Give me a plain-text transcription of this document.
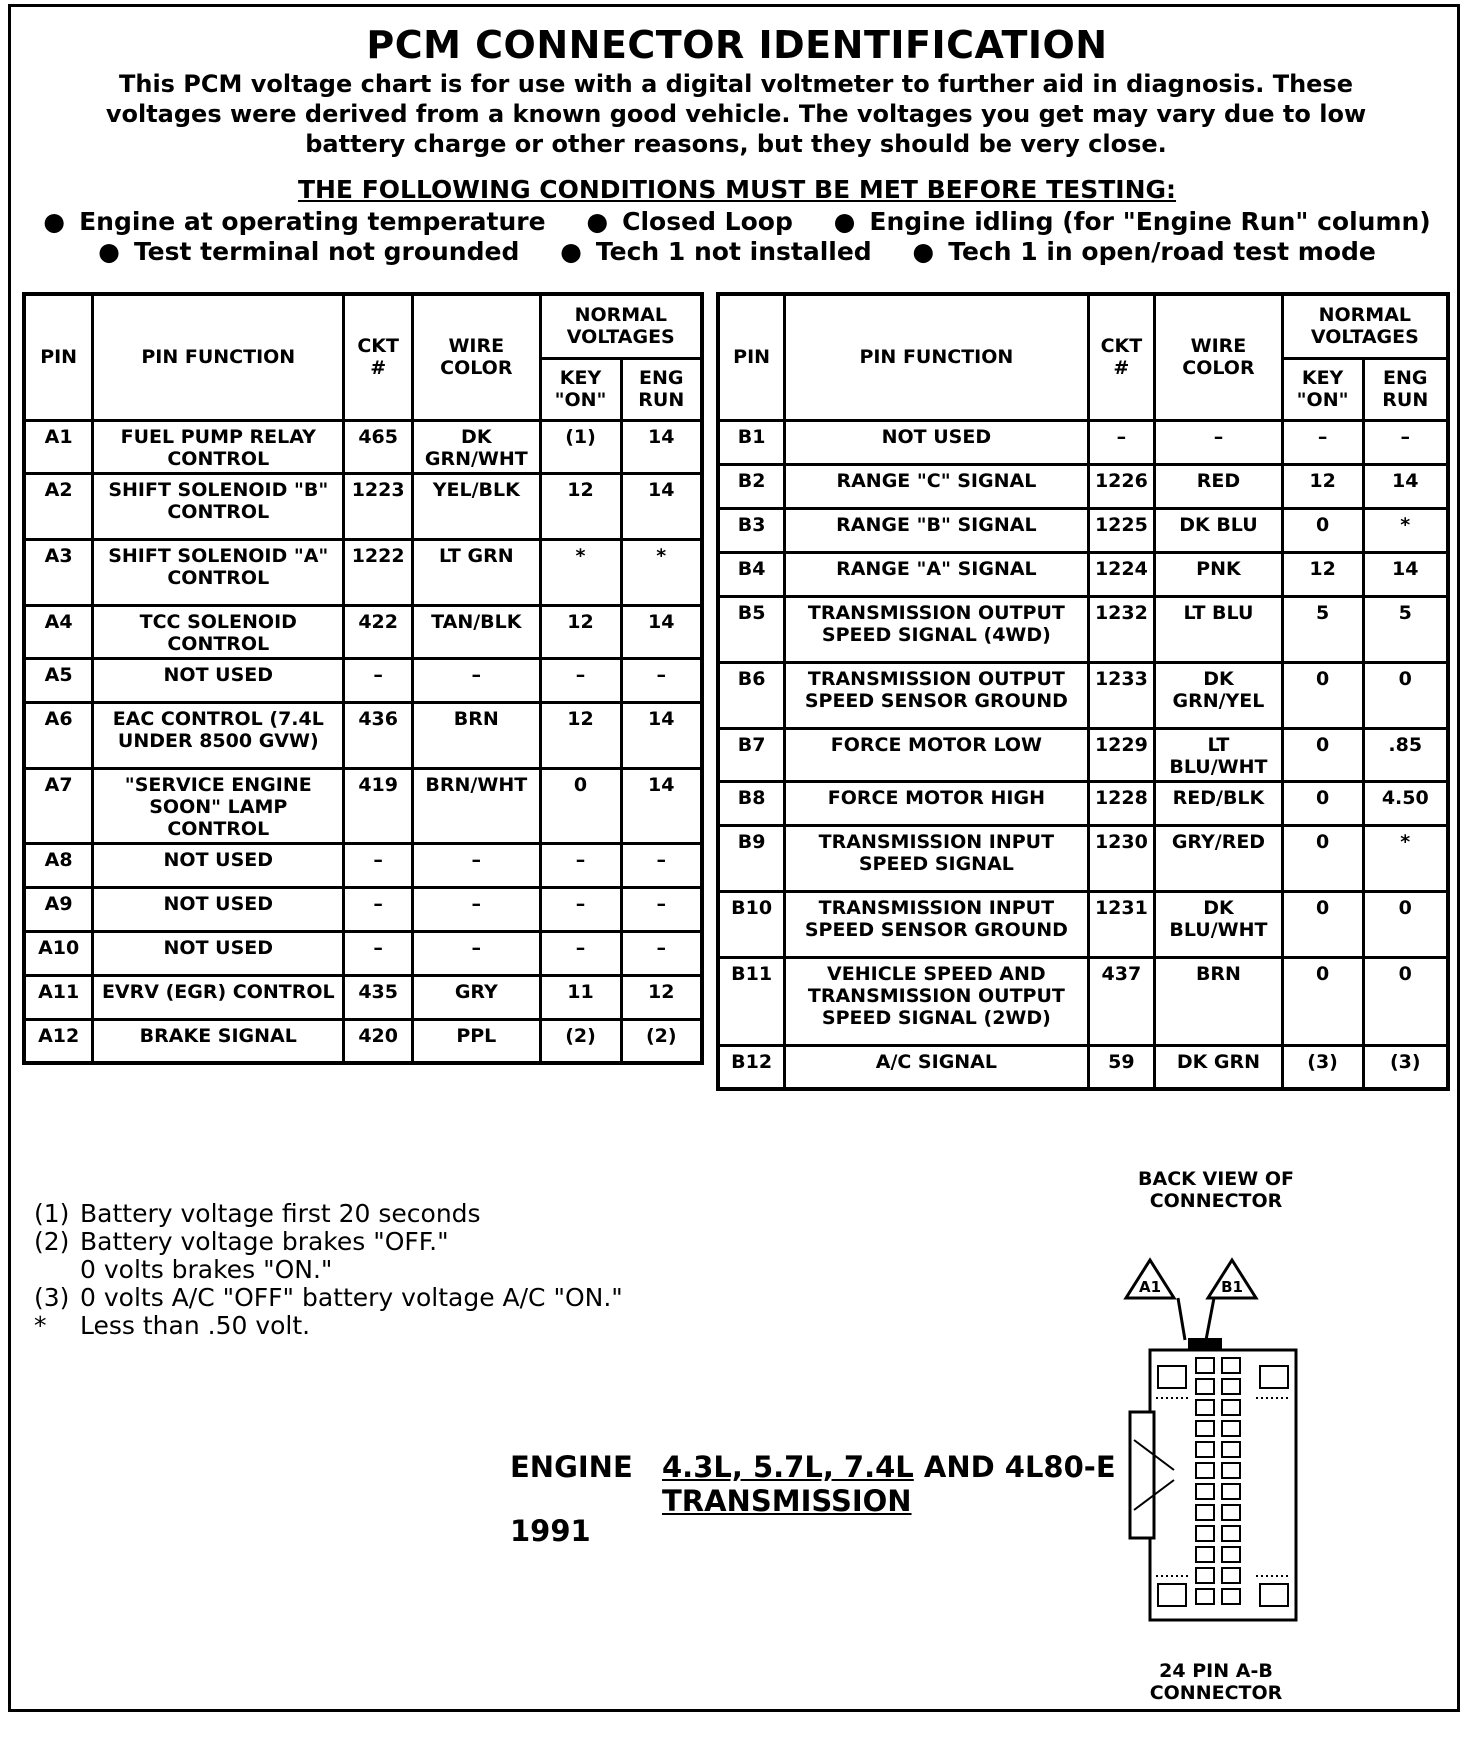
PCM CONNECTOR IDENTIFICATION
This PCM voltage chart is for use with a digital voltmeter to further aid in diagnosis. These voltages were derived from a known good vehicle. The voltages you get may vary due to low battery charge or other reasons, but they should be very close.
THE FOLLOWING CONDITIONS MUST BE MET BEFORE TESTING:
● Engine at operating temperature ● Closed Loop ● Engine idling (for "Engine Run" column)
● Test terminal not grounded ● Tech 1 not installed ● Tech 1 in open/road test mode
PIN	PIN FUNCTION	CKT #	WIRE COLOR	NORMAL VOLTAGES	
				KEY "ON"	ENG RUN
A1	FUEL PUMP RELAY CONTROL	465	DK GRN/WHT	(1)	14
A2	SHIFT SOLENOID "B" CONTROL	1223	YEL/BLK	12	14
A3	SHIFT SOLENOID "A" CONTROL	1222	LT GRN	*	*
A4	TCC SOLENOID CONTROL	422	TAN/BLK	12	14
A5	NOT USED	–	–	–	–
A6	EAC CONTROL (7.4L UNDER 8500 GVW)	436	BRN	12	14
A7	"SERVICE ENGINE SOON" LAMP CONTROL	419	BRN/WHT	0	14
A8	NOT USED	–	–	–	–
A9	NOT USED	–	–	–	–
A10	NOT USED	–	–	–	–
A11	EVRV (EGR) CONTROL	435	GRY	11	12
A12	BRAKE SIGNAL	420	PPL	(2)	(2)
PIN	PIN FUNCTION	CKT #	WIRE COLOR	NORMAL VOLTAGES	
				KEY "ON"	ENG RUN
B1	NOT USED	–	–	–	–
B2	RANGE "C" SIGNAL	1226	RED	12	14
B3	RANGE "B" SIGNAL	1225	DK BLU	0	*
B4	RANGE "A" SIGNAL	1224	PNK	12	14
B5	TRANSMISSION OUTPUT SPEED SIGNAL (4WD)	1232	LT BLU	5	5
B6	TRANSMISSION OUTPUT SPEED SENSOR GROUND	1233	DK GRN/YEL	0	0
B7	FORCE MOTOR LOW	1229	LT BLU/WHT	0	.85
B8	FORCE MOTOR HIGH	1228	RED/BLK	0	4.50
B9	TRANSMISSION INPUT SPEED SIGNAL	1230	GRY/RED	0	*
B10	TRANSMISSION INPUT SPEED SENSOR GROUND	1231	DK BLU/WHT	0	0
B11	VEHICLE SPEED AND TRANSMISSION OUTPUT SPEED SIGNAL (2WD)	437	BRN	0	0
B12	A/C SIGNAL	59	DK GRN	(3)	(3)
(1) Battery voltage first 20 seconds
(2) Battery voltage brakes "OFF."
0 volts brakes "ON."
(3) 0 volts A/C "OFF" battery voltage A/C "ON."
*	Less than .50 volt.
ENGINE 4.3L, 5.7L, 7.4L AND 4L80-E
TRANSMISSION
1991
BACK VIEW OF CONNECTOR
A1	B1
24 PIN A-B CONNECTOR
